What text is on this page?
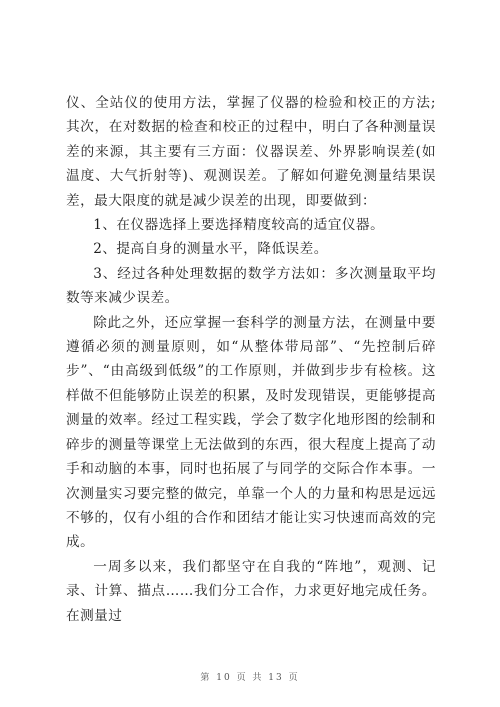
仪、全站仪的使用方法，掌握了仪器的检验和校正的方法;其次，在对数据的检查和校正的过程中，明白了各种测量误差的来源，其主要有三方面：仪器误差、外界影响误差(如温度、大气折射等)、观测误差。了解如何避免测量结果误差，最大限度的就是减少误差的出现，即要做到：

1、在仪器选择上要选择精度较高的适宜仪器。

2、提高自身的测量水平，降低误差。

3、经过各种处理数据的数学方法如：多次测量取平均数等来减少误差。

除此之外，还应掌握一套科学的测量方法，在测量中要遵循必须的测量原则，如“从整体带局部”、“先控制后碎步”、“由高级到低级”的工作原则，并做到步步有检核。这样做不但能够防止误差的积累，及时发现错误，更能够提高测量的效率。经过工程实践，学会了数字化地形图的绘制和碎步的测量等课堂上无法做到的东西，很大程度上提高了动手和动脑的本事，同时也拓展了与同学的交际合作本事。一次测量实习要完整的做完，单靠一个人的力量和构思是远远不够的，仅有小组的合作和团结才能让实习快速而高效的完成。

一周多以来，我们都坚守在自我的“阵地”，观测、记录、计算、描点……我们分工合作，力求更好地完成任务。在测量过

第 10 页 共 13 页
